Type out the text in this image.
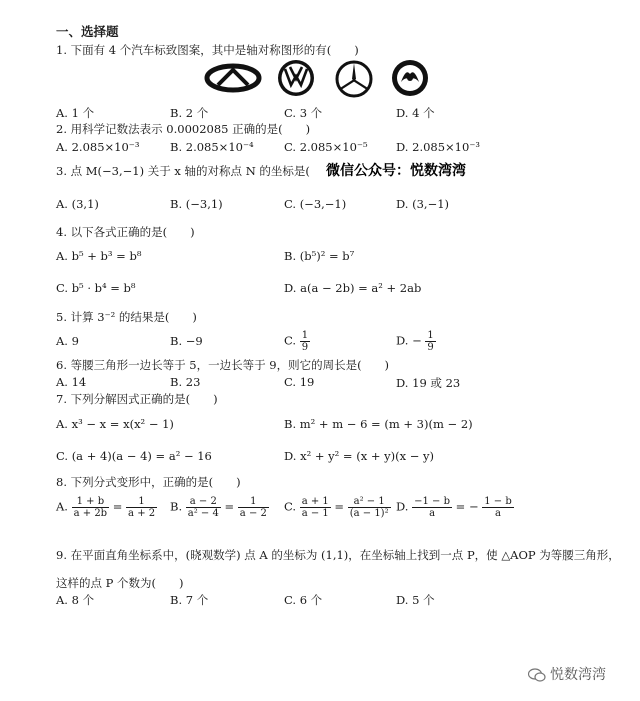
一、选择题
1. 下面有 4 个汽车标致图案，其中是轴对称图形的有(　　)
A. 1 个	B. 2 个	C. 3 个	D. 4 个
2. 用科学记数法表示 0.0002085 正确的是(　　)
A. 2.085×10⁻³	B. 2.085×10⁻⁴	C. 2.085×10⁻⁵ D. 2.085×10⁻³
3. 点 M(−3,−1) 关于 x 轴的对称点 N 的坐标是(　　)
微信公众号：悦数湾湾
A. (3,1)	B. (−3,1)	C. (−3,−1)	D. (3,−1)
4. 以下各式正确的是(　　)
A. b⁵ + b³ = b⁸	B. (b⁵)² = b⁷
C. b⁵ · b⁴ = b⁸	D. a(a − 2b) = a² + 2ab
5. 计算 3⁻² 的结果是(　　)
A. 9	B. −9	C. $\frac{1}{9}$	D. − $\frac{1}{9}$
6. 等腰三角形一边长等于 5，一边长等于 9，则它的周长是(　　)
A. 14	B. 23	C. 19	D. 19 或 23
7. 下列分解因式正确的是(　　)
A. x³ − x = x(x² − 1)	B. m² + m − 6 = (m + 3)(m − 2)
C. (a + 4)(a − 4) = a² − 16	D. x² + y² = (x + y)(x − y)
8. 下列分式变形中，正确的是(　　)
A. $\frac{1 + b}{a + 2b} = \frac{1}{a + 2} B$. $\frac{a - 2}{\text{a² − 4}} = \frac{1}{a - 2} C$. $\frac{a + 1}{a - 1} = \frac{\text{a² − 1}}{\text{(a − 1)²}} D$. $\frac{-1 - b}{a}$ = − $\frac{1 - b}{a}$
9. 在平面直角坐标系中，(晓观数学) 点 A 的坐标为 (1,1)，在坐标轴上找到一点 P，使 △AOP 为等腰三角形，
这样的点 P 个数为(　　)
A. 8 个	B. 7 个	C. 6 个	D. 5 个
悦数湾湾
